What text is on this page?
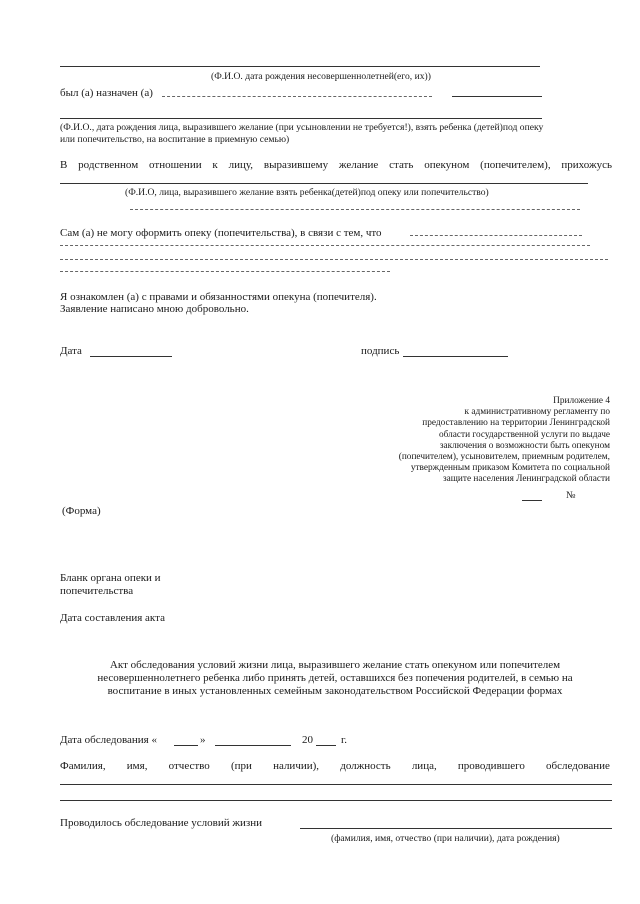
(Ф.И.О. дата рождения несовершеннолетней(его, их))
был (а) назначен (а)
(Ф.И.О., дата рождения лица, выразившего желание (при усыновлении не требуется!), взять ребенка (детей)под опеку
или попечительство, на воспитание в приемную семью)
В родственном отношении к лицу, выразившему желание стать опекуном (попечителем), прихожусь
(Ф.И.О, лица, выразившего желание взять ребенка(детей)под опеку или попечительство)
Сам (а) не могу оформить опеку (попечительства), в связи с тем, что
Я ознакомлен (а) с правами и обязанностями опекуна (попечителя).
Заявление написано мною добровольно.
Дата	подпись
Приложение 4
к административному регламенту по
предоставлению на территории Ленинградской
области государственной услуги по выдаче
заключения о возможности быть опекуном
(попечителем), усыновителем, приемным родителем,
утвержденным приказом Комитета по социальной
защите населения Ленинградской области
№
(Форма)
Бланк органа опеки и
попечительства
Дата составления акта
Акт обследования условий жизни лица, выразившего желание стать опекуном или попечителем
несовершеннолетнего ребенка либо принять детей, оставшихся без попечения родителей, в семью на
воспитание в иных установленных семейным законодательством Российской Федерации формах
Дата обследования «	»	20	г.
Фамилия, имя, отчество (при наличии), должность лица, проводившего обследование
Проводилось обследование условий жизни
(фамилия, имя, отчество (при наличии), дата рождения)
